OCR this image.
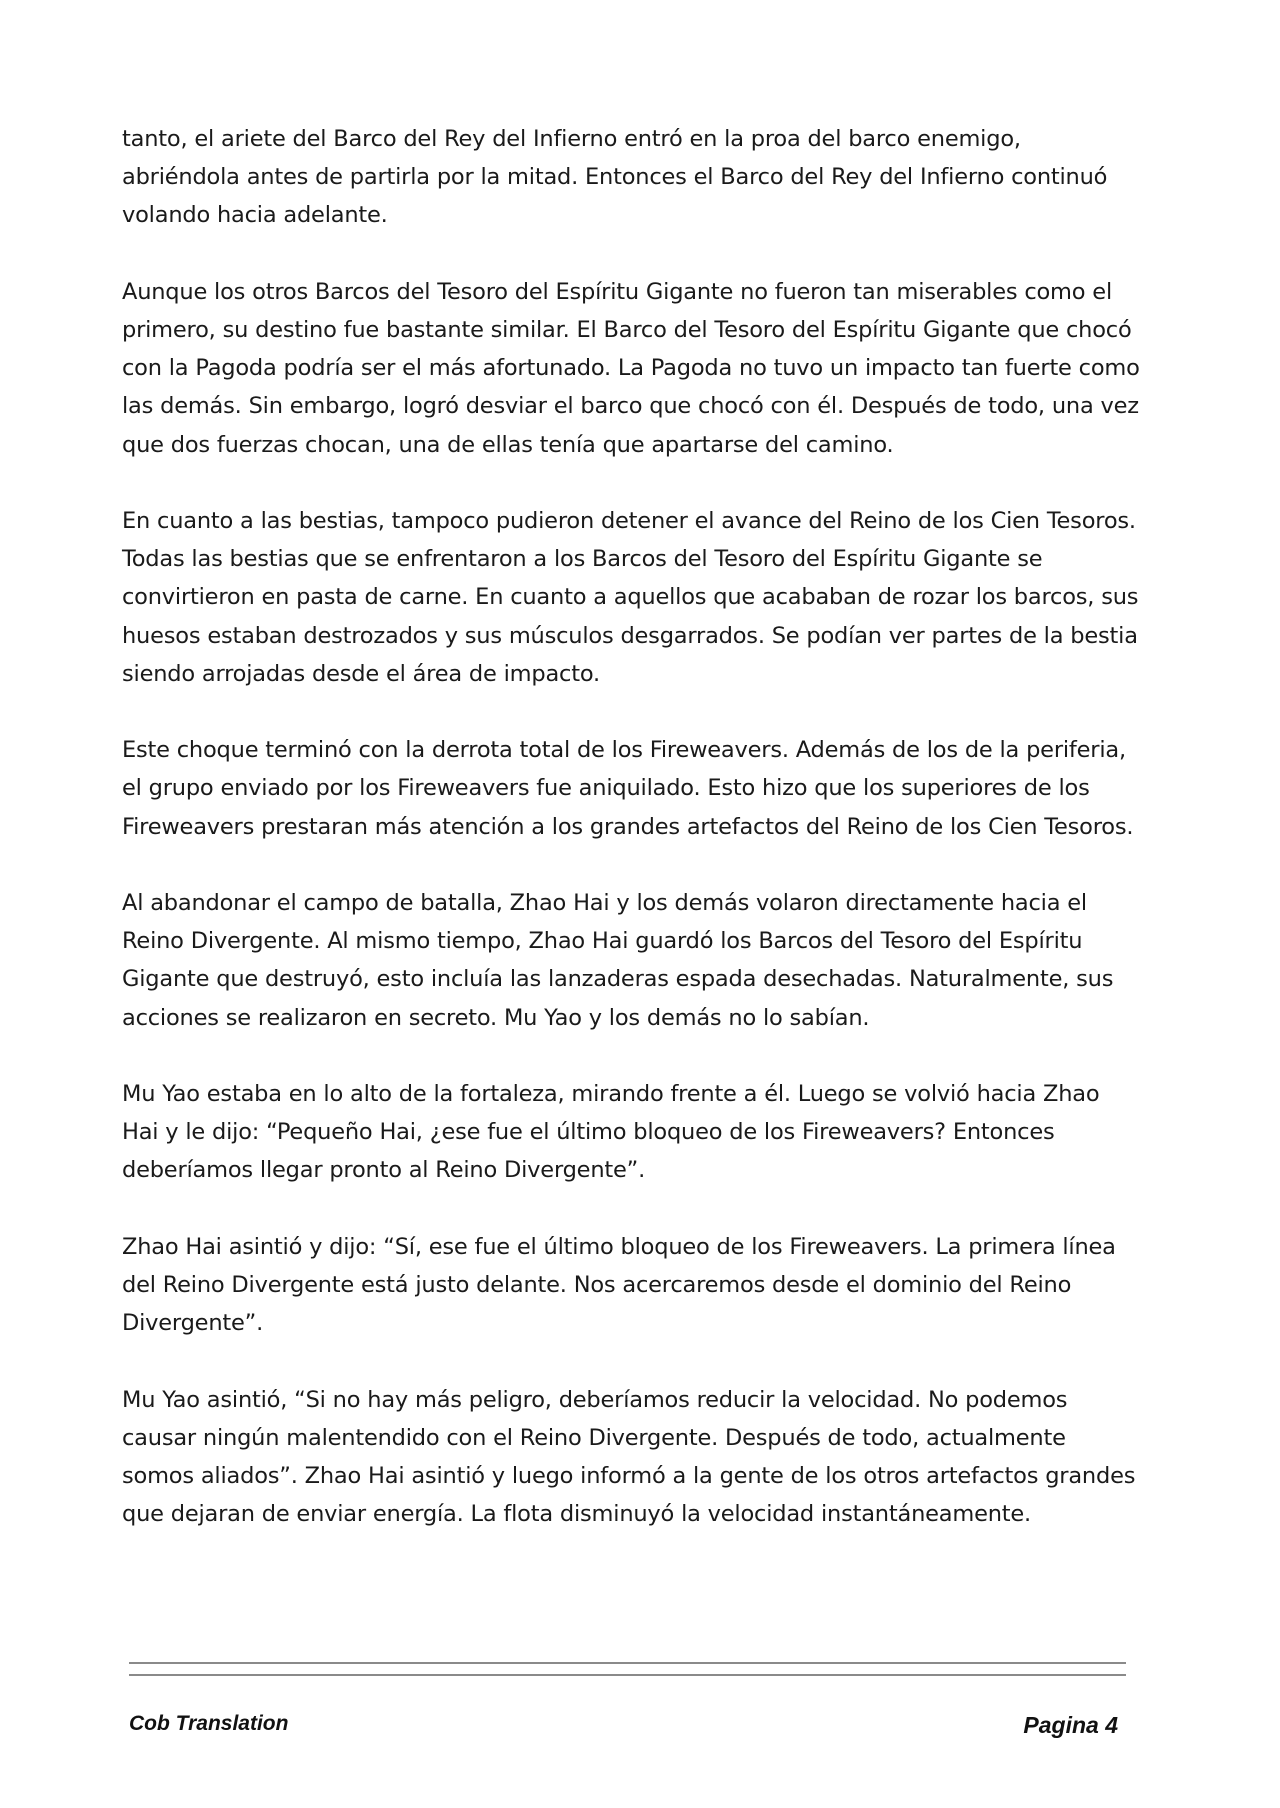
tanto, el ariete del Barco del Rey del Infierno entró en la proa del barco enemigo, abriéndola antes de partirla por la mitad. Entonces el Barco del Rey del Infierno continuó volando hacia adelante.

Aunque los otros Barcos del Tesoro del Espíritu Gigante no fueron tan miserables como el primero, su destino fue bastante similar. El Barco del Tesoro del Espíritu Gigante que chocó con la Pagoda podría ser el más afortunado. La Pagoda no tuvo un impacto tan fuerte como las demás. Sin embargo, logró desviar el barco que chocó con él. Después de todo, una vez que dos fuerzas chocan, una de ellas tenía que apartarse del camino.

En cuanto a las bestias, tampoco pudieron detener el avance del Reino de los Cien Tesoros. Todas las bestias que se enfrentaron a los Barcos del Tesoro del Espíritu Gigante se convirtieron en pasta de carne. En cuanto a aquellos que acababan de rozar los barcos, sus huesos estaban destrozados y sus músculos desgarrados. Se podían ver partes de la bestia siendo arrojadas desde el área de impacto.

Este choque terminó con la derrota total de los Fireweavers. Además de los de la periferia, el grupo enviado por los Fireweavers fue aniquilado. Esto hizo que los superiores de los Fireweavers prestaran más atención a los grandes artefactos del Reino de los Cien Tesoros.

Al abandonar el campo de batalla, Zhao Hai y los demás volaron directamente hacia el Reino Divergente. Al mismo tiempo, Zhao Hai guardó los Barcos del Tesoro del Espíritu Gigante que destruyó, esto incluía las lanzaderas espada desechadas. Naturalmente, sus acciones se realizaron en secreto. Mu Yao y los demás no lo sabían.

Mu Yao estaba en lo alto de la fortaleza, mirando frente a él. Luego se volvió hacia Zhao Hai y le dijo: “Pequeño Hai, ¿ese fue el último bloqueo de los Fireweavers? Entonces deberíamos llegar pronto al Reino Divergente”.

Zhao Hai asintió y dijo: “Sí, ese fue el último bloqueo de los Fireweavers. La primera línea del Reino Divergente está justo delante. Nos acercaremos desde el dominio del Reino Divergente”.

Mu Yao asintió, “Si no hay más peligro, deberíamos reducir la velocidad. No podemos causar ningún malentendido con el Reino Divergente. Después de todo, actualmente somos aliados”. Zhao Hai asintió y luego informó a la gente de los otros artefactos grandes que dejaran de enviar energía. La flota disminuyó la velocidad instantáneamente.

Cob Translation	Pagina 4
